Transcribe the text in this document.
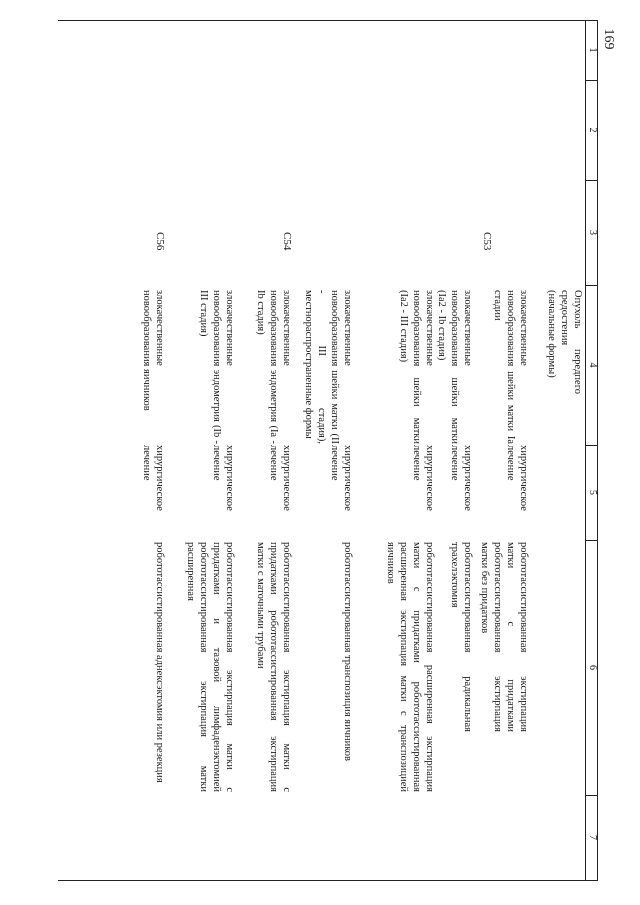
169
1
2
3
4
5
6
7
C53
C54
C56
Опухоль передпего средостения (начальные формы)
злокачественные новообразования шейки матки Ia стадии
хирургическое лечение
робототассистированная экстирпация матки с придатками робототассистированная экстирпация матки без придатков
злокачественные новообразования шейки матки (Ia2 - Ib стадия)
хирургическое лечение
робототассистированная радикальная трахелэктомия
злокачественные новообразования шейки матки (Ia2 - III стадия)
хирургическое лечение
робототассистированная расширенная экстирпация матки с придатками робототассистированная расширенная экстирпация матки с транспозицией яичников
злокачественные новообразования шейки матки (II - III стадия), местнораспространенные формы
хирургическое лечение
робототассистированная транспозиция яичников
злокачественные новообразования эндометрия (Ia - Ib стадия)
хирургическое лечение
робототассистированная экстирпация матки с придатками робототассистированная экстирпация матки с маточными трубами
злокачественные новообразования эндометрия (Ib - III стадия)
хирургическое лечение
робототассистированная экстирпация матки с придатками и тазовой лимфаденэктомией робототассистированная экстирпация матки расширенная
злокачественные новообразования яичников
хирургическое лечение
робототассистированная аднексэктомия или резекция
